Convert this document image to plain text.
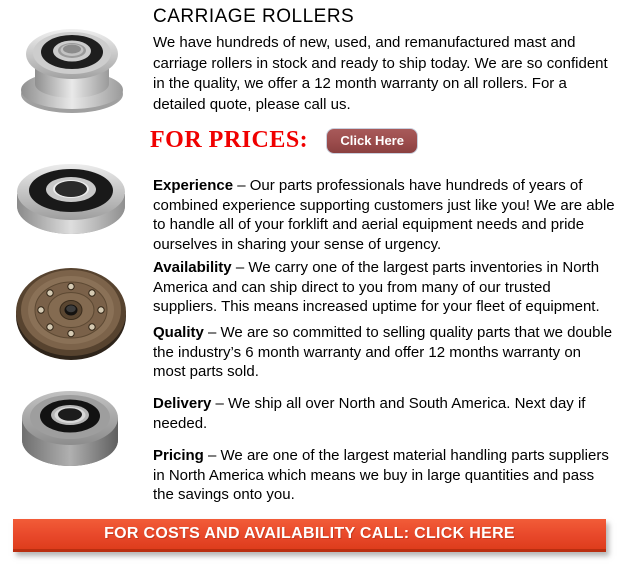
CARRIAGE ROLLERS

We have hundreds of new, used, and remanufactured mast and carriage rollers in stock and ready to ship today. We are so confident in the quality, we offer a 12 month warranty on all rollers. For a detailed quote, please call us.

FOR PRICES:	Click Here

Experience – Our parts professionals have hundreds of years of combined experience supporting customers just like you! We are able to handle all of your forklift and aerial equipment needs and pride ourselves in sharing your sense of urgency.

Availability – We carry one of the largest parts inventories in North America and can ship direct to you from many of our trusted suppliers. This means increased uptime for your fleet of equipment.

Quality – We are so committed to selling quality parts that we double the industry’s 6 month warranty and offer 12 months warranty on most parts sold.

Delivery – We ship all over North and South America. Next day if needed.

Pricing – We are one of the largest material handling parts suppliers in North America which means we buy in large quantities and pass the savings onto you.

FOR COSTS AND AVAILABILITY CALL: CLICK HERE
